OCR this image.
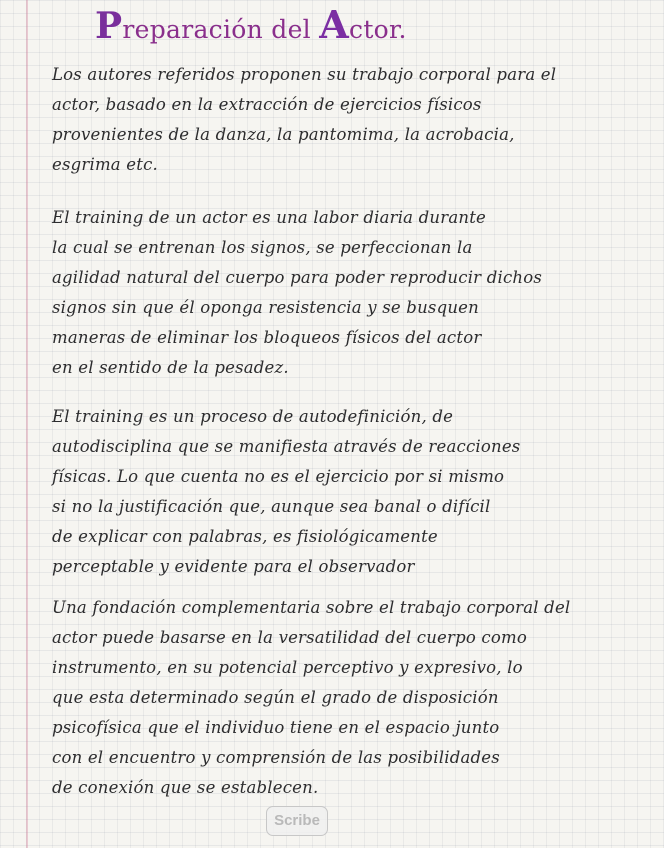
Preparación del Actor.
Los autores referidos proponen su trabajo corporal para el
actor, basado en la extracción de ejercicios físicos
provenientes de la danza, la pantomima, la acrobacia,
esgrima etc.
El training de un actor es una labor diaria durante
la cual se entrenan los signos, se perfeccionan la
agilidad natural del cuerpo para poder reproducir dichos
signos sin que él oponga resistencia y se busquen
maneras de eliminar los bloqueos físicos del actor
en el sentido de la pesadez.
El training es un proceso de autodefinición, de
autodisciplina que se manifiesta através de reacciones
físicas. Lo que cuenta no es el ejercicio por si mismo
si no la justificación que, aunque sea banal o difícil
de explicar con palabras, es fisiológicamente
perceptable y evidente para el observador
Una fondación complementaria sobre el trabajo corporal del
actor puede basarse en la versatilidad del cuerpo como
instrumento, en su potencial perceptivo y expresivo, lo
que esta determinado según el grado de disposición
psicofísica que el individuo tiene en el espacio junto
con el encuentro y comprensión de las posibilidades
de conexión que se establecen.
Scribe
